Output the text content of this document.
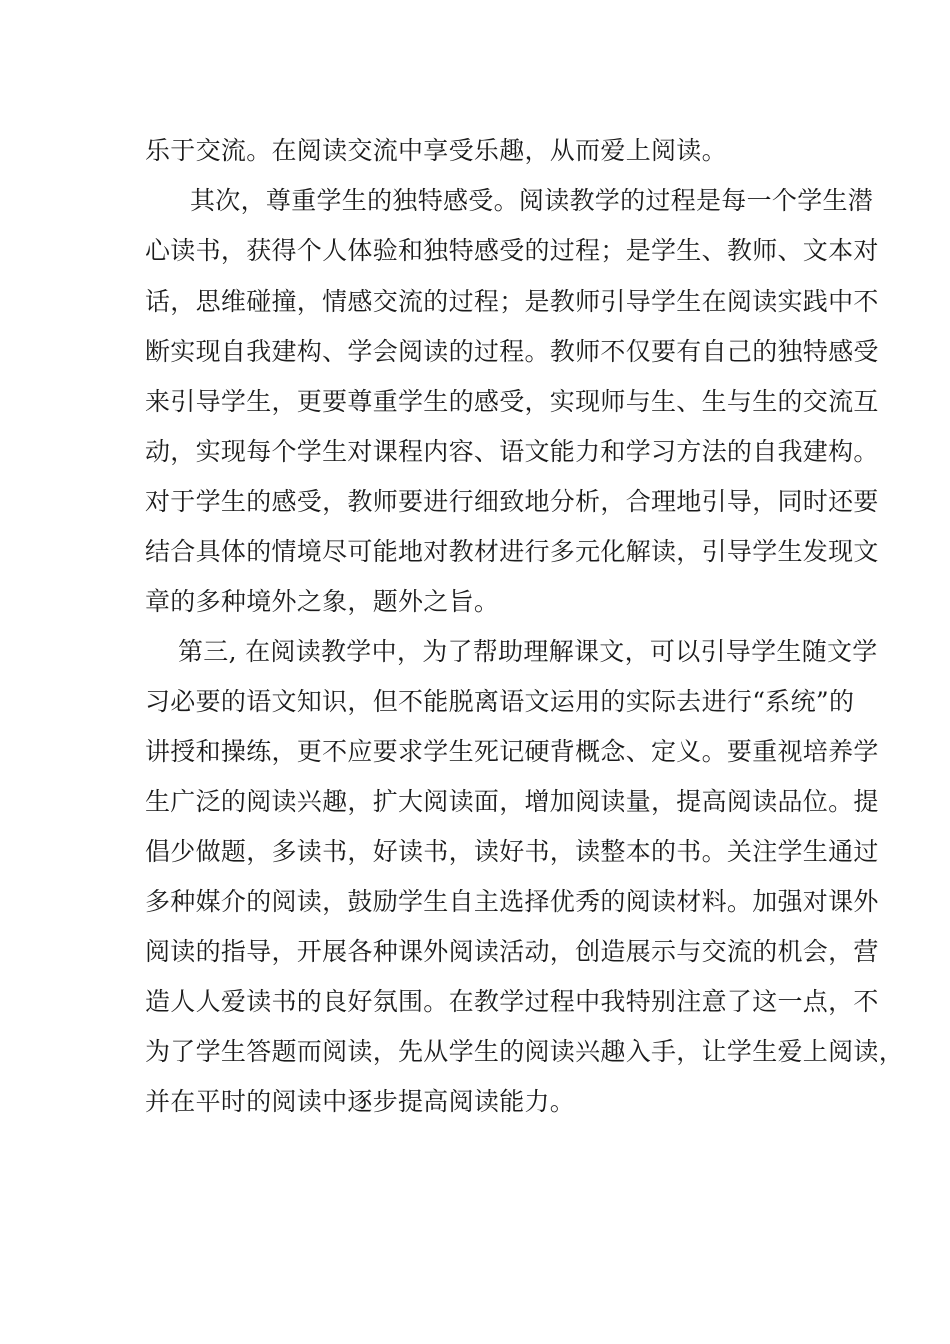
乐于交流。在阅读交流中享受乐趣，从而爱上阅读。
其次，尊重学生的独特感受。阅读教学的过程是每一个学生潜
心读书，获得个人体验和独特感受的过程；是学生、教师、文本对
话，思维碰撞，情感交流的过程；是教师引导学生在阅读实践中不
断实现自我建构、学会阅读的过程。教师不仅要有自己的独特感受
来引导学生，更要尊重学生的感受，实现师与生、生与生的交流互
动，实现每个学生对课程内容、语文能力和学习方法的自我建构。
对于学生的感受，教师要进行细致地分析，合理地引导，同时还要
结合具体的情境尽可能地对教材进行多元化解读，引导学生发现文
章的多种境外之象，题外之旨。
第三, 在阅读教学中，为了帮助理解课文，可以引导学生随文学
习必要的语文知识，但不能脱离语文运用的实际去进行“系统”的
讲授和操练，更不应要求学生死记硬背概念、定义。要重视培养学
生广泛的阅读兴趣，扩大阅读面，增加阅读量，提高阅读品位。提
倡少做题，多读书，好读书，读好书，读整本的书。关注学生通过
多种媒介的阅读，鼓励学生自主选择优秀的阅读材料。加强对课外
阅读的指导，开展各种课外阅读活动，创造展示与交流的机会，营
造人人爱读书的良好氛围。在教学过程中我特别注意了这一点，不
为了学生答题而阅读，先从学生的阅读兴趣入手，让学生爱上阅读，
并在平时的阅读中逐步提高阅读能力。
